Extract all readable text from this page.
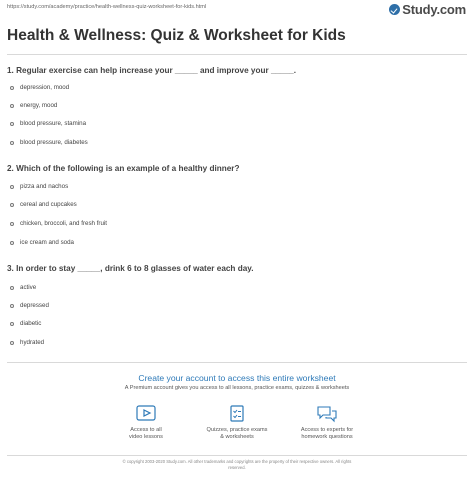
https://study.com/academy/practice/health-wellness-quiz-worksheet-for-kids.html	Study.com
Health & Wellness: Quiz & Worksheet for Kids
1. Regular exercise can help increase your _____ and improve your _____.
depression, mood
energy, mood
blood pressure, stamina
blood pressure, diabetes
2. Which of the following is an example of a healthy dinner?
pizza and nachos
cereal and cupcakes
chicken, broccoli, and fresh fruit
ice cream and soda
3. In order to stay _____, drink 6 to 8 glasses of water each day.
active
depressed
diabetic
hydrated
Create your account to access this entire worksheet
A Premium account gives you access to all lessons, practice exams, quizzes & worksheets
Access to all
video lessons
Quizzes, practice exams
& worksheets
Access to experts for
homework questions
© copyright 2003-2020 Study.com. All other trademarks and copyrights are the property of their respective owners. All rights
reserved.
